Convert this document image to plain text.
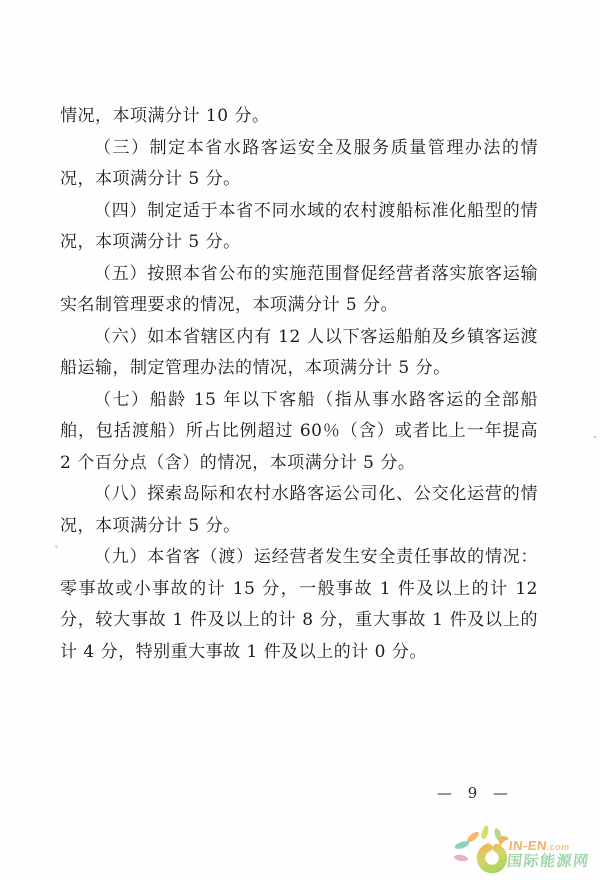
情况，本项满分计 10 分。

（三）制定本省水路客运安全及服务质量管理办法的情况，本项满分计 5 分。

（四）制定适于本省不同水域的农村渡船标准化船型的情况，本项满分计 5 分。

（五）按照本省公布的实施范围督促经营者落实旅客运输实名制管理要求的情况，本项满分计 5 分。

（六）如本省辖区内有 12 人以下客运船舶及乡镇客运渡船运输，制定管理办法的情况，本项满分计 5 分。

（七）船龄 15 年以下客船（指从事水路客运的全部船舶，包括渡船）所占比例超过 60％（含）或者比上一年提高 2 个百分点（含）的情况，本项满分计 5 分。

（八）探索岛际和农村水路客运公司化、公交化运营的情况，本项满分计 5 分。

（九）本省客（渡）运经营者发生安全责任事故的情况：零事故或小事故的计 15 分，一般事故 1 件及以上的计 12 分，较大事故 1 件及以上的计 8 分，重大事故 1 件及以上的计 4 分，特别重大事故 1 件及以上的计 0 分。

— 9 —
IN-EN.com
国际能源网
